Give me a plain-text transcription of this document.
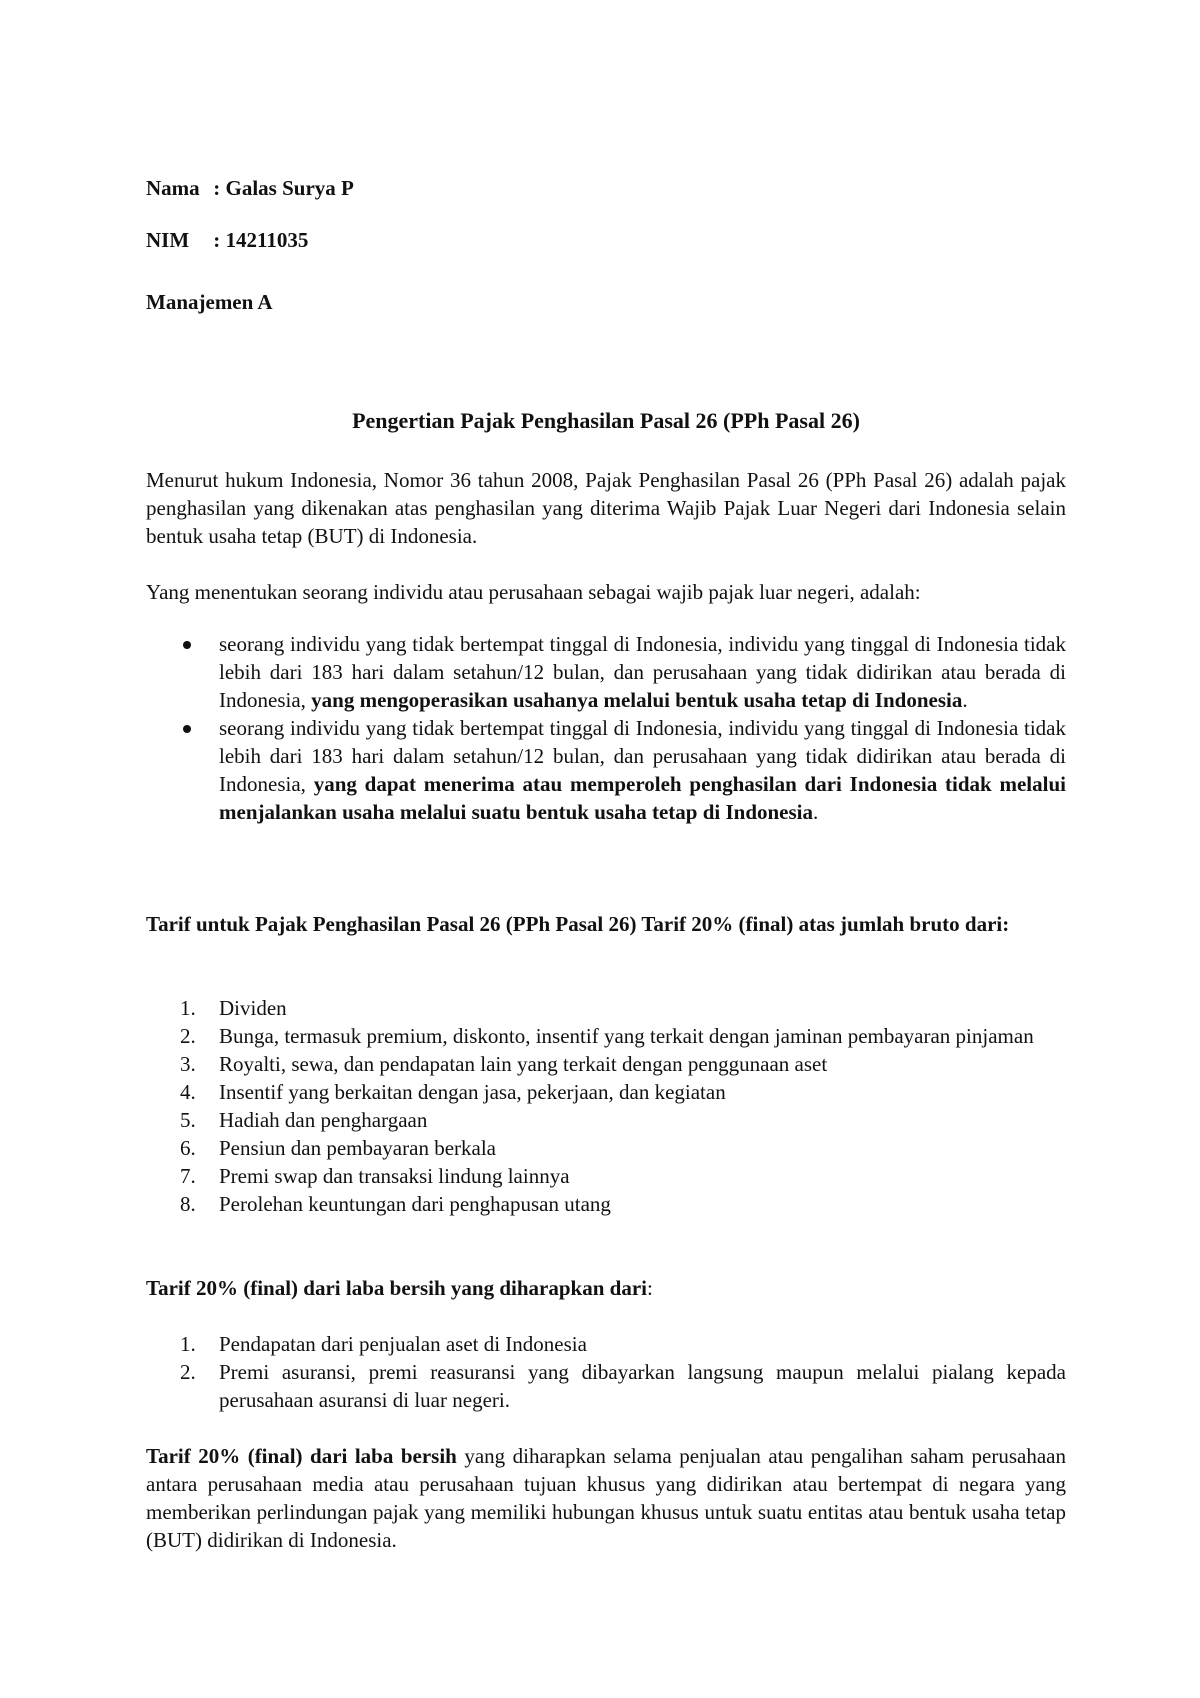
Nama : Galas Surya P
NIM : 14211035
Manajemen A
Pengertian Pajak Penghasilan Pasal 26 (PPh Pasal 26)

Menurut hukum Indonesia, Nomor 36 tahun 2008, Pajak Penghasilan Pasal 26 (PPh Pasal 26) adalah pajak penghasilan yang dikenakan atas penghasilan yang diterima Wajib Pajak Luar Negeri dari Indonesia selain bentuk usaha tetap (BUT) di Indonesia.

Yang menentukan seorang individu atau perusahaan sebagai wajib pajak luar negeri, adalah:

seorang individu yang tidak bertempat tinggal di Indonesia, individu yang tinggal di Indonesia tidak lebih dari 183 hari dalam setahun/12 bulan, dan perusahaan yang tidak didirikan atau berada di Indonesia, yang mengoperasikan usahanya melalui bentuk usaha tetap di Indonesia.
seorang individu yang tidak bertempat tinggal di Indonesia, individu yang tinggal di Indonesia tidak lebih dari 183 hari dalam setahun/12 bulan, dan perusahaan yang tidak didirikan atau berada di Indonesia, yang dapat menerima atau memperoleh penghasilan dari Indonesia tidak melalui menjalankan usaha melalui suatu bentuk usaha tetap di Indonesia.

Tarif untuk Pajak Penghasilan Pasal 26 (PPh Pasal 26) Tarif 20% (final) atas jumlah bruto dari:

1. Dividen
2. Bunga, termasuk premium, diskonto, insentif yang terkait dengan jaminan pembayaran pinjaman
3. Royalti, sewa, dan pendapatan lain yang terkait dengan penggunaan aset
4. Insentif yang berkaitan dengan jasa, pekerjaan, dan kegiatan
5. Hadiah dan penghargaan
6. Pensiun dan pembayaran berkala
7. Premi swap dan transaksi lindung lainnya
8. Perolehan keuntungan dari penghapusan utang

Tarif 20% (final) dari laba bersih yang diharapkan dari:

1. Pendapatan dari penjualan aset di Indonesia
2. Premi asuransi, premi reasuransi yang dibayarkan langsung maupun melalui pialang kepada perusahaan asuransi di luar negeri.

Tarif 20% (final) dari laba bersih yang diharapkan selama penjualan atau pengalihan saham perusahaan antara perusahaan media atau perusahaan tujuan khusus yang didirikan atau bertempat di negara yang memberikan perlindungan pajak yang memiliki hubungan khusus untuk suatu entitas atau bentuk usaha tetap (BUT) didirikan di Indonesia.
